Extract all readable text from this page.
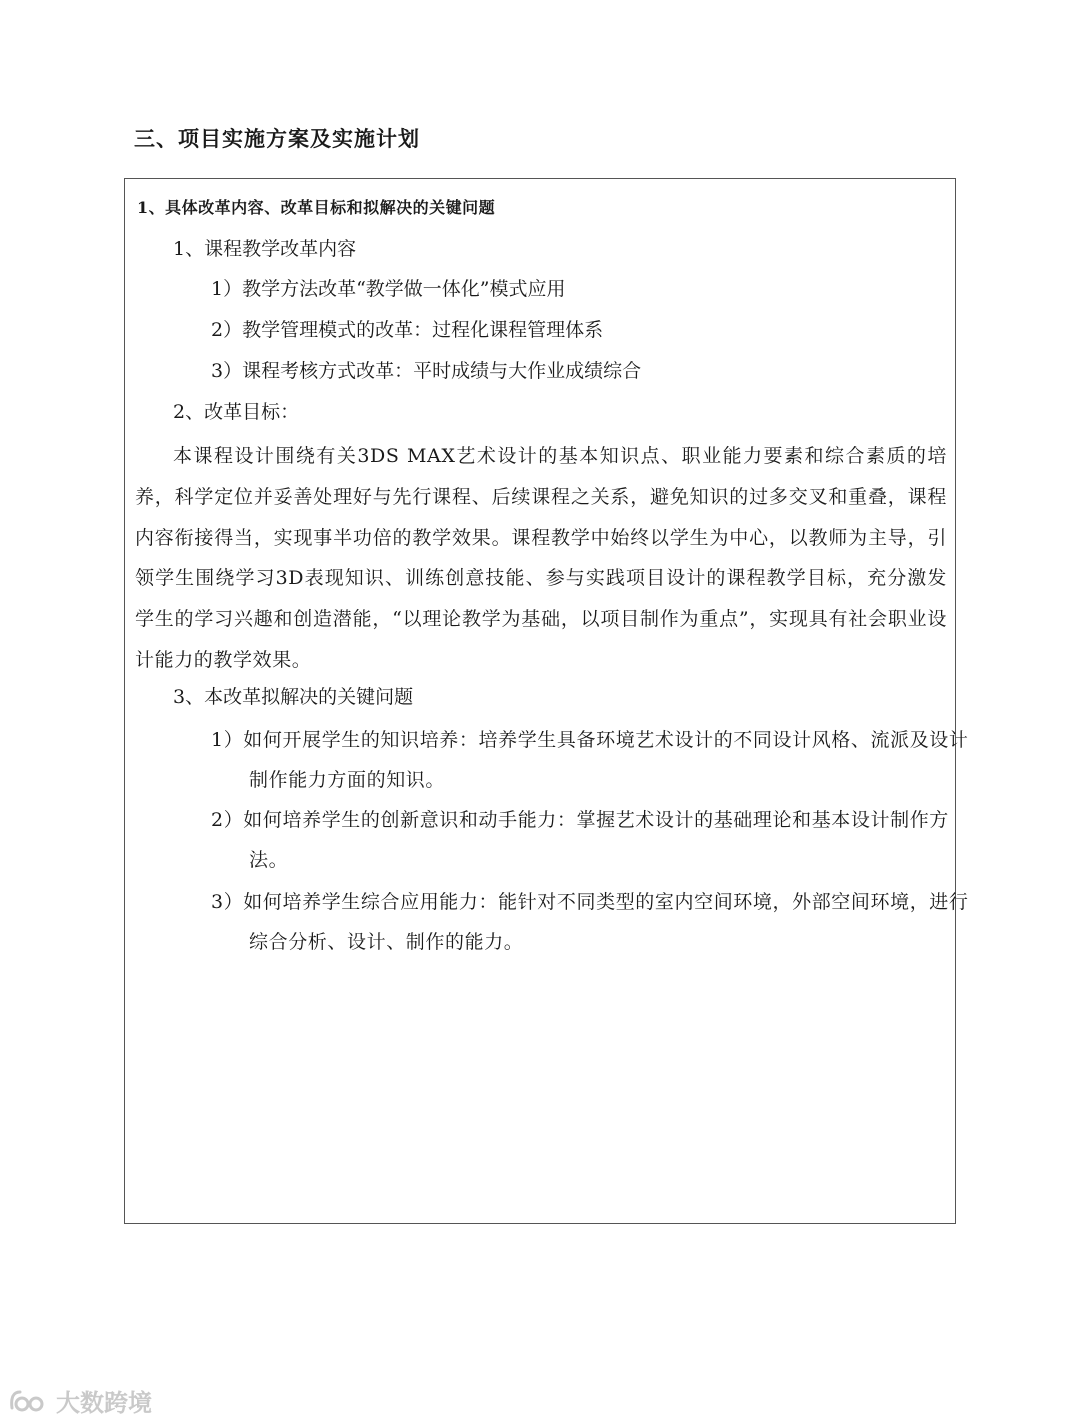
三、项目实施方案及实施计划
1、具体改革内容、改革目标和拟解决的关键问题
1、课程教学改革内容
1）教学方法改革“教学做一体化”模式应用
2）教学管理模式的改革：过程化课程管理体系
3）课程考核方式改革：平时成绩与大作业成绩综合
2、改革目标：
本课程设计围绕有关3DS MAX艺术设计的基本知识点、职业能力要素和综合素质的培养，科学定位并妥善处理好与先行课程、后续课程之关系，避免知识的过多交叉和重叠，课程内容衔接得当，实现事半功倍的教学效果。课程教学中始终以学生为中心，以教师为主导，引领学生围绕学习3D表现知识、训练创意技能、参与实践项目设计的课程教学目标，充分激发学生的学习兴趣和创造潜能，“以理论教学为基础，以项目制作为重点”，实现具有社会职业设计能力的教学效果。
3、本改革拟解决的关键问题
1）如何开展学生的知识培养：培养学生具备环境艺术设计的不同设计风格、流派及设计制作能力方面的知识。
2）如何培养学生的创新意识和动手能力：掌握艺术设计的基础理论和基本设计制作方法。
3）如何培养学生综合应用能力：能针对不同类型的室内空间环境，外部空间环境，进行综合分析、设计、制作的能力。
大数跨境
